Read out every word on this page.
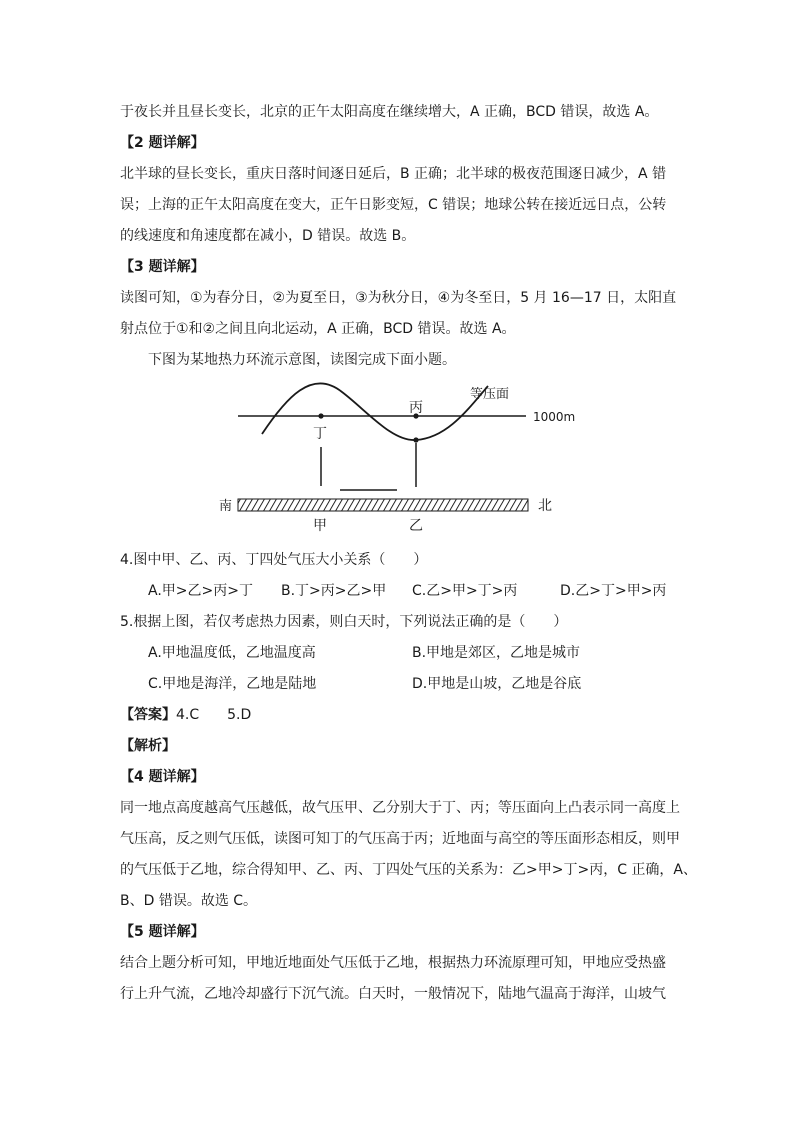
于夜长并且昼长变长，北京的正午太阳高度在继续增大，A 正确，BCD 错误，故选 A。
【2 题详解】
北半球的昼长变长，重庆日落时间逐日延后，B 正确；北半球的极夜范围逐日减少，A 错
误；上海的正午太阳高度在变大，正午日影变短，C 错误；地球公转在接近远日点，公转
的线速度和角速度都在减小，D 错误。故选 B。
【3 题详解】
读图可知，①为春分日，②为夏至日，③为秋分日，④为冬至日，5 月 16—17 日，太阳直
射点位于①和②之间且向北运动，A 正确，BCD 错误。故选 A。
下图为某地热力环流示意图，读图完成下面小题。
等压面
1000m
丙
丁
南	北
甲	乙
4.图中甲、乙、丙、丁四处气压大小关系（　　）
A.甲>乙>丙>丁 B.丁>丙>乙>甲 C.乙>甲>丁>丙	D.乙>丁>甲>丙
5.根据上图，若仅考虑热力因素，则白天时，下列说法正确的是（　　）
A.甲地温度低，乙地温度高	B.甲地是郊区，乙地是城市
C.甲地是海洋，乙地是陆地	D.甲地是山坡，乙地是谷底
【答案】4.C　　5.D
【解析】
【4 题详解】
同一地点高度越高气压越低，故气压甲、乙分别大于丁、丙；等压面向上凸表示同一高度上
气压高，反之则气压低，读图可知丁的气压高于丙；近地面与高空的等压面形态相反，则甲
的气压低于乙地，综合得知甲、乙、丙、丁四处气压的关系为：乙>甲>丁>丙，C 正确，A、
B、D 错误。故选 C。
【5 题详解】
结合上题分析可知，甲地近地面处气压低于乙地，根据热力环流原理可知，甲地应受热盛
行上升气流，乙地冷却盛行下沉气流。白天时，一般情况下，陆地气温高于海洋，山坡气
